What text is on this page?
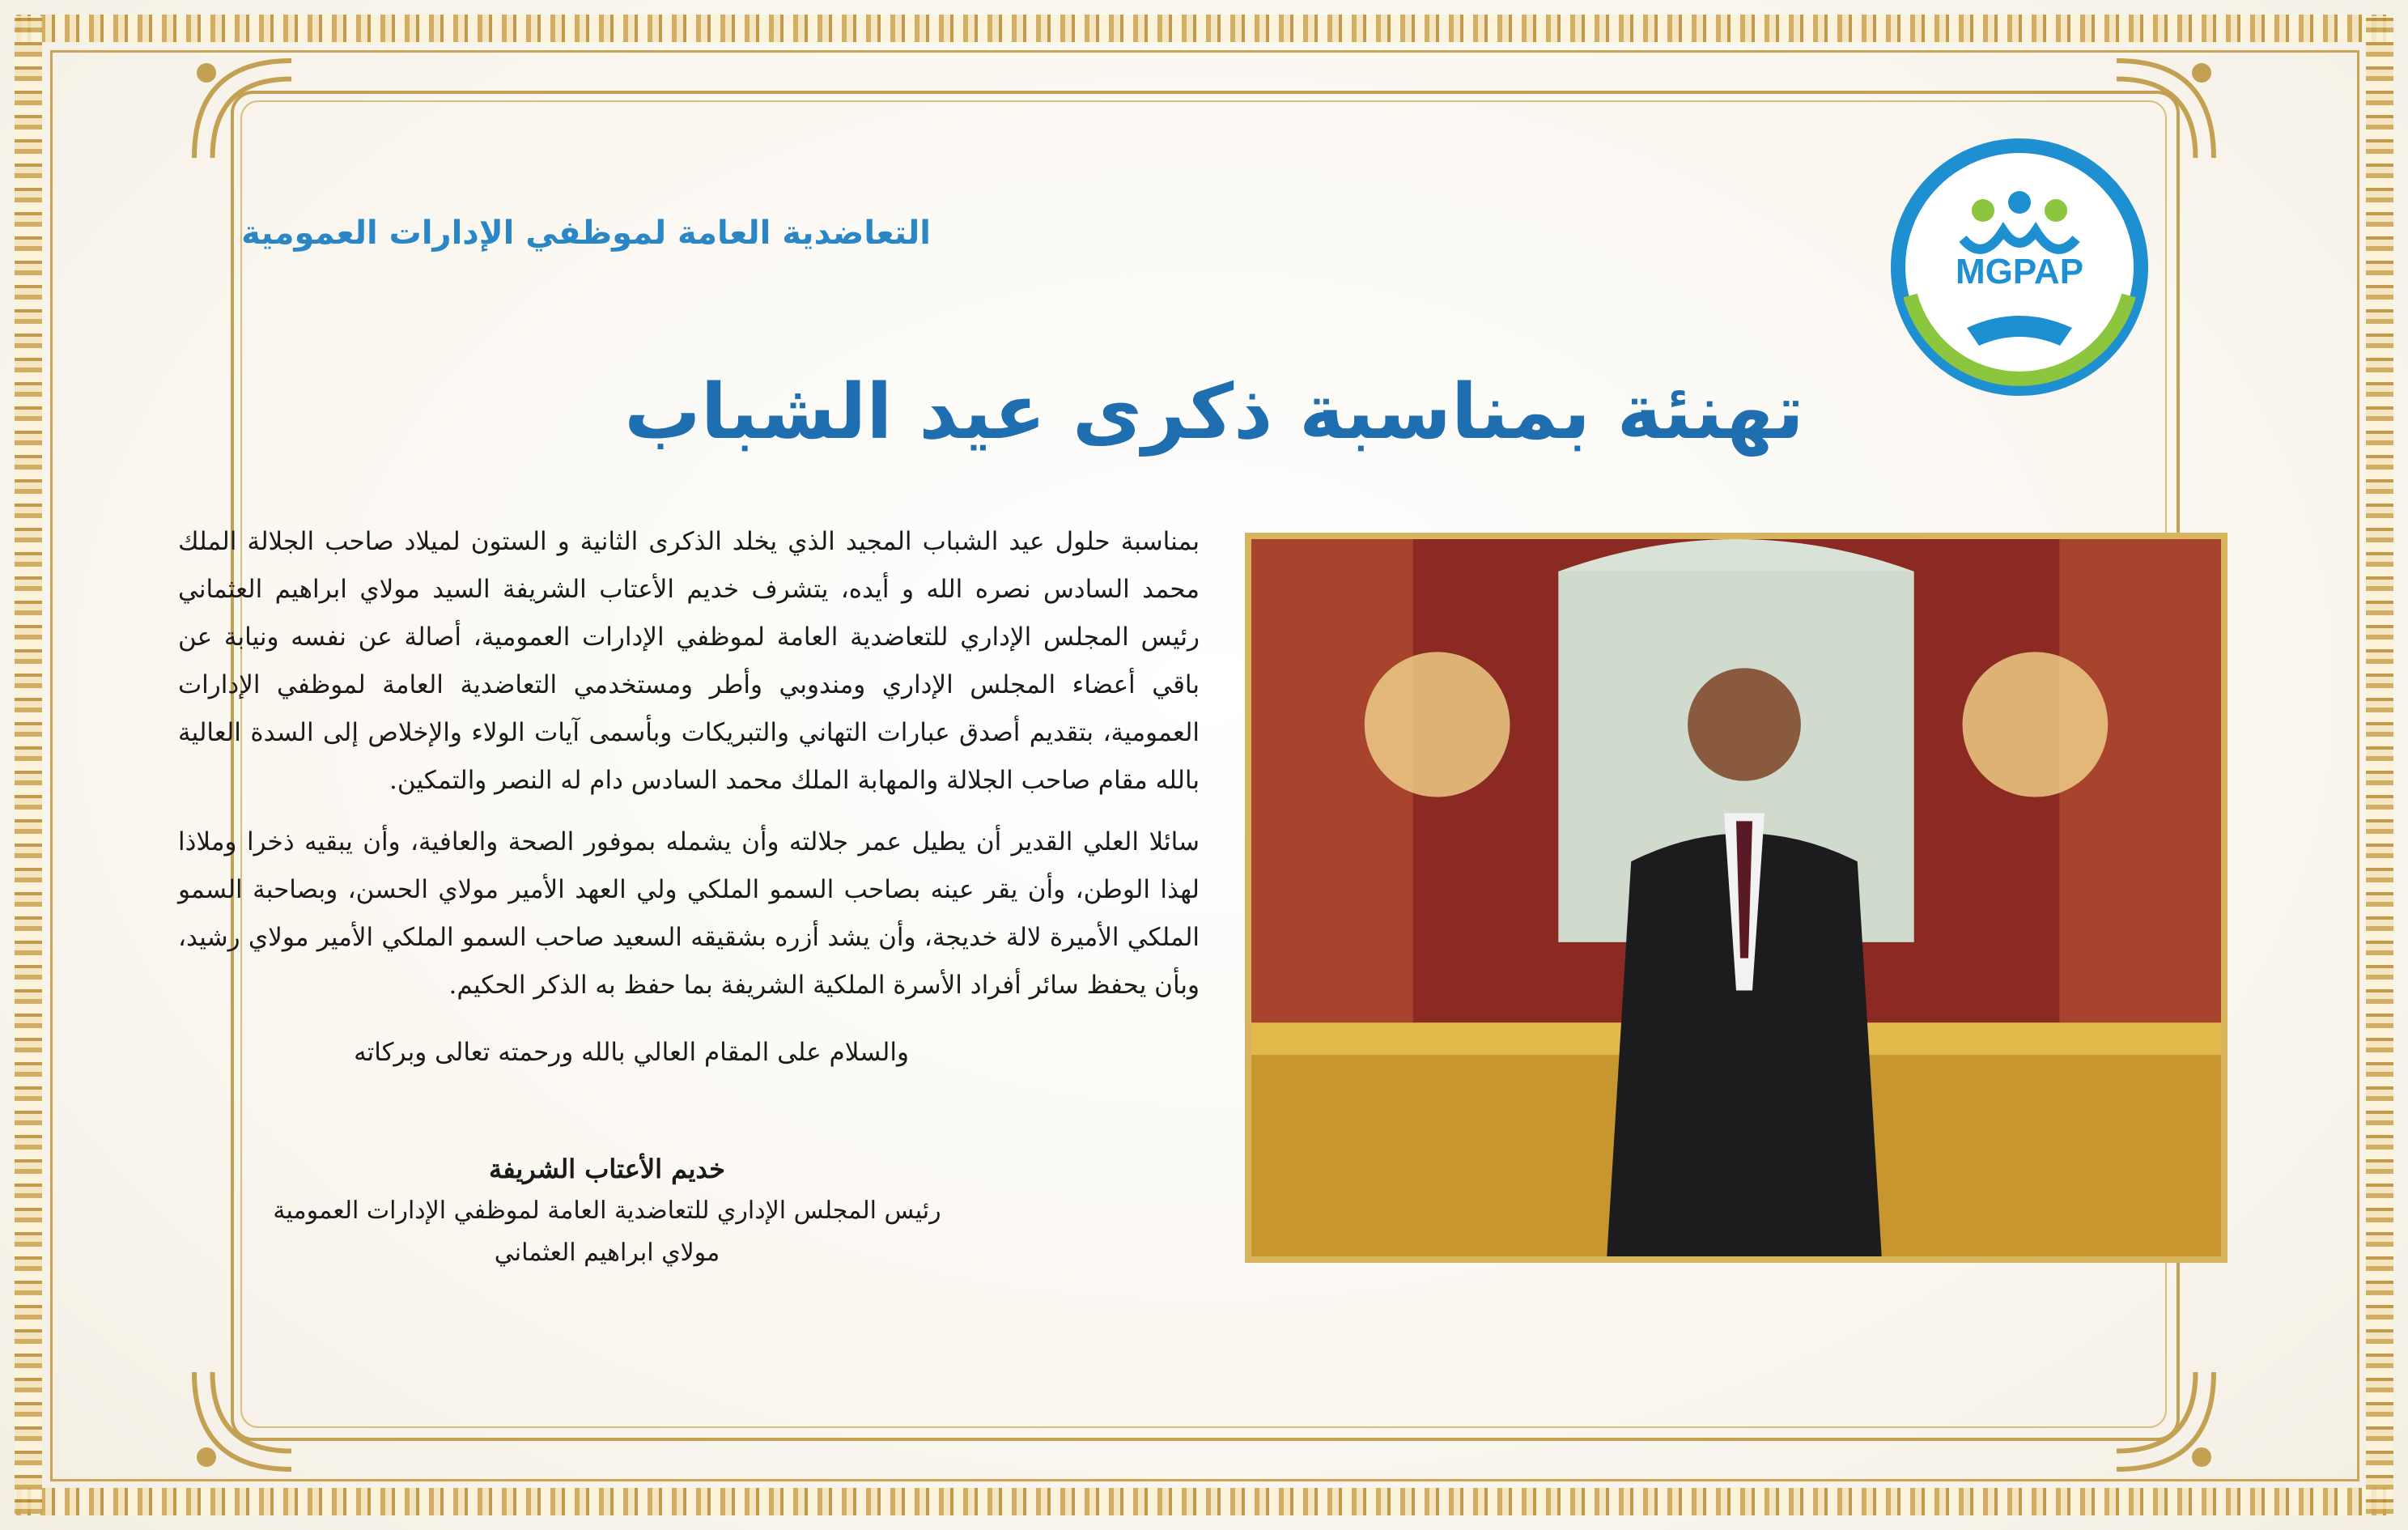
التعاضدية العامة لموظفي الإدارات العمومية
MGPAP
تهنئة بمناسبة ذكرى عيد الشباب

بمناسبة حلول عيد الشباب المجيد الذي يخلد الذكرى الثانية و الستون لميلاد صاحب الجلالة الملك محمد السادس نصره الله و أيده، يتشرف خديم الأعتاب الشريفة السيد مولاي ابراهيم العثماني رئيس المجلس الإداري للتعاضدية العامة لموظفي الإدارات العمومية، أصالة عن نفسه ونيابة عن باقي أعضاء المجلس الإداري ومندوبي وأطر ومستخدمي التعاضدية العامة لموظفي الإدارات العمومية، بتقديم أصدق عبارات التهاني والتبريكات وبأسمى آيات الولاء والإخلاص إلى السدة العالية بالله مقام صاحب الجلالة والمهابة الملك محمد السادس دام له النصر والتمكين.

سائلا العلي القدير أن يطيل عمر جلالته وأن يشمله بموفور الصحة والعافية، وأن يبقيه ذخرا وملاذا لهذا الوطن، وأن يقر عينه بصاحب السمو الملكي ولي العهد الأمير مولاي الحسن، وبصاحبة السمو الملكي الأميرة لالة خديجة، وأن يشد أزره بشقيقه السعيد صاحب السمو الملكي الأمير مولاي رشيد، وبأن يحفظ سائر أفراد الأسرة الملكية الشريفة بما حفظ به الذكر الحكيم.

والسلام على المقام العالي بالله ورحمته تعالى وبركاته
خديم الأعتاب الشريفة
رئيس المجلس الإداري للتعاضدية العامة لموظفي الإدارات العمومية
مولاي ابراهيم العثماني
